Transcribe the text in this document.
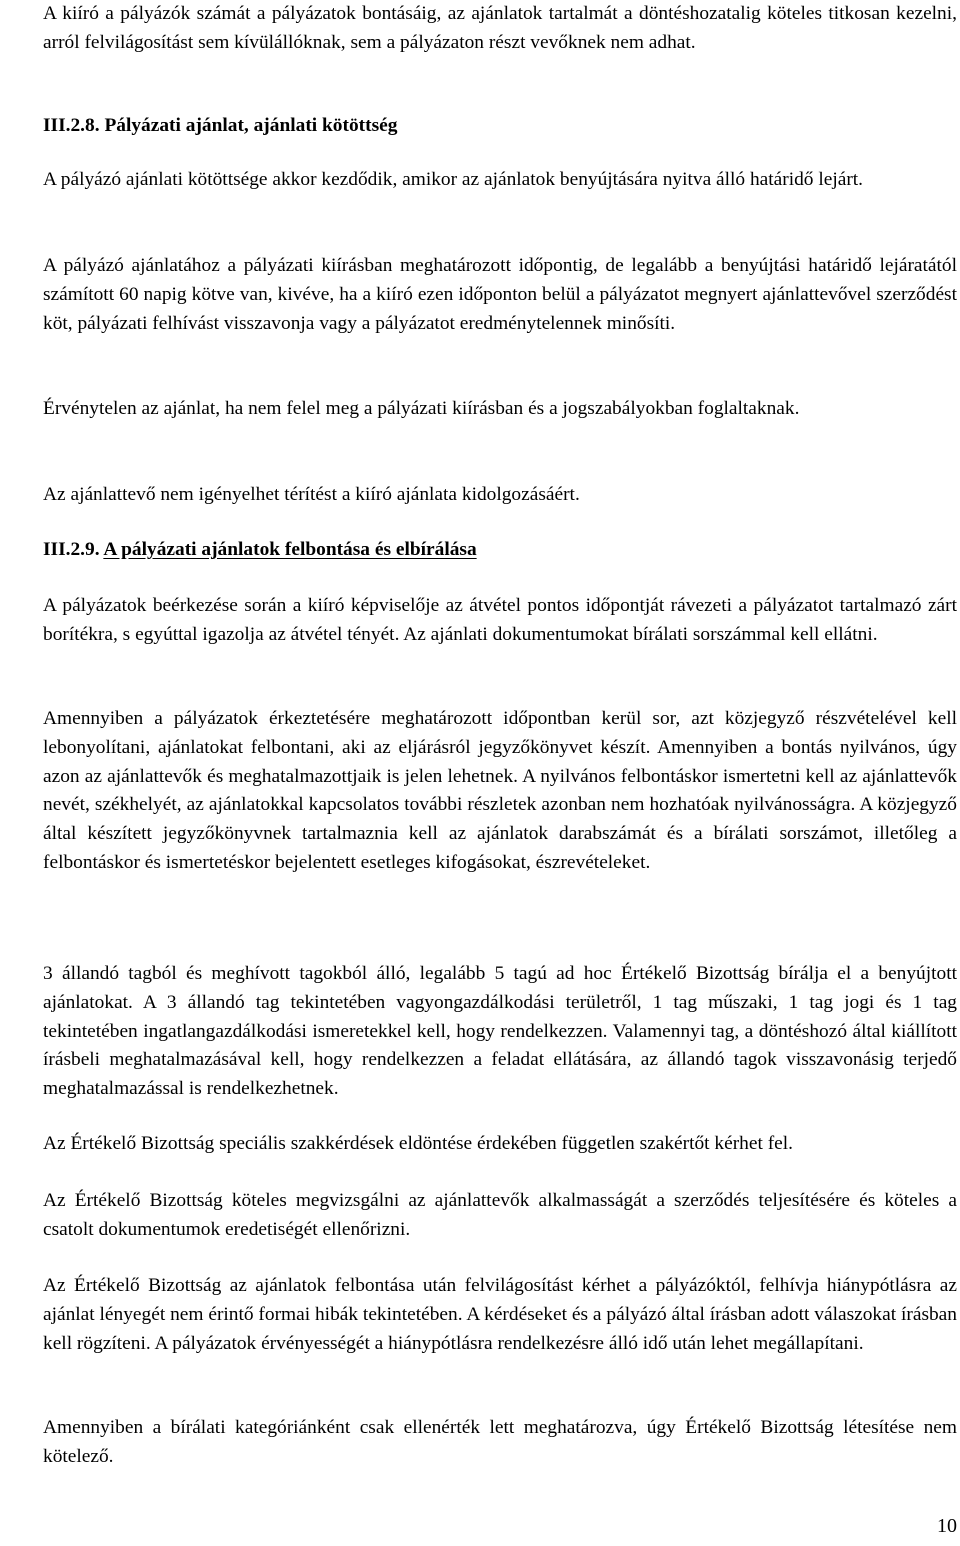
A kiíró a pályázók számát a pályázatok bontásáig, az ajánlatok tartalmát a döntéshozatalig köteles titkosan kezelni, arról felvilágosítást sem kívülállóknak, sem a pályázaton részt vevőknek nem adhat.

III.2.8. Pályázati ajánlat, ajánlati kötöttség

A pályázó ajánlati kötöttsége akkor kezdődik, amikor az ajánlatok benyújtására nyitva álló határidő lejárt.

A pályázó ajánlatához a pályázati kiírásban meghatározott időpontig, de legalább a benyújtási határidő lejáratától számított 60 napig kötve van, kivéve, ha a kiíró ezen időponton belül a pályázatot megnyert ajánlattevővel szerződést köt, pályázati felhívást visszavonja vagy a pályázatot eredménytelennek minősíti.

Érvénytelen az ajánlat, ha nem felel meg a pályázati kiírásban és a jogszabályokban foglaltaknak.

Az ajánlattevő nem igényelhet térítést a kiíró ajánlata kidolgozásáért.

III.2.9. A pályázati ajánlatok felbontása és elbírálása

A pályázatok beérkezése során a kiíró képviselője az átvétel pontos időpontját rávezeti a pályázatot tartalmazó zárt borítékra, s egyúttal igazolja az átvétel tényét. Az ajánlati dokumentumokat bírálati sorszámmal kell ellátni.

Amennyiben a pályázatok érkeztetésére meghatározott időpontban kerül sor, azt közjegyző részvételével kell lebonyolítani, ajánlatokat felbontani, aki az eljárásról jegyzőkönyvet készít. Amennyiben a bontás nyilvános, úgy azon az ajánlattevők és meghatalmazottjaik is jelen lehetnek. A nyilvános felbontáskor ismertetni kell az ajánlattevők nevét, székhelyét, az ajánlatokkal kapcsolatos további részletek azonban nem hozhatóak nyilvánosságra. A közjegyző által készített jegyzőkönyvnek tartalmaznia kell az ajánlatok darabszámát és a bírálati sorszámot, illetőleg a felbontáskor és ismertetéskor bejelentett esetleges kifogásokat, észrevételeket.

3 állandó tagból és meghívott tagokból álló, legalább 5 tagú ad hoc Értékelő Bizottság bírálja el a benyújtott ajánlatokat. A 3 állandó tag tekintetében vagyongazdálkodási területről, 1 tag műszaki, 1 tag jogi és 1 tag tekintetében ingatlangazdálkodási ismeretekkel kell, hogy rendelkezzen. Valamennyi tag, a döntéshozó által kiállított írásbeli meghatalmazásával kell, hogy rendelkezzen a feladat ellátására, az állandó tagok visszavonásig terjedő meghatalmazással is rendelkezhetnek.

Az Értékelő Bizottság speciális szakkérdések eldöntése érdekében független szakértőt kérhet fel.

Az Értékelő Bizottság köteles megvizsgálni az ajánlattevők alkalmasságát a szerződés teljesítésére és köteles a csatolt dokumentumok eredetiségét ellenőrizni.

Az Értékelő Bizottság az ajánlatok felbontása után felvilágosítást kérhet a pályázóktól, felhívja hiánypótlásra az ajánlat lényegét nem érintő formai hibák tekintetében. A kérdéseket és a pályázó által írásban adott válaszokat írásban kell rögzíteni. A pályázatok érvényességét a hiánypótlásra rendelkezésre álló idő után lehet megállapítani.

Amennyiben a bírálati kategóriánként csak ellenérték lett meghatározva, úgy Értékelő Bizottság létesítése nem kötelező.

10
